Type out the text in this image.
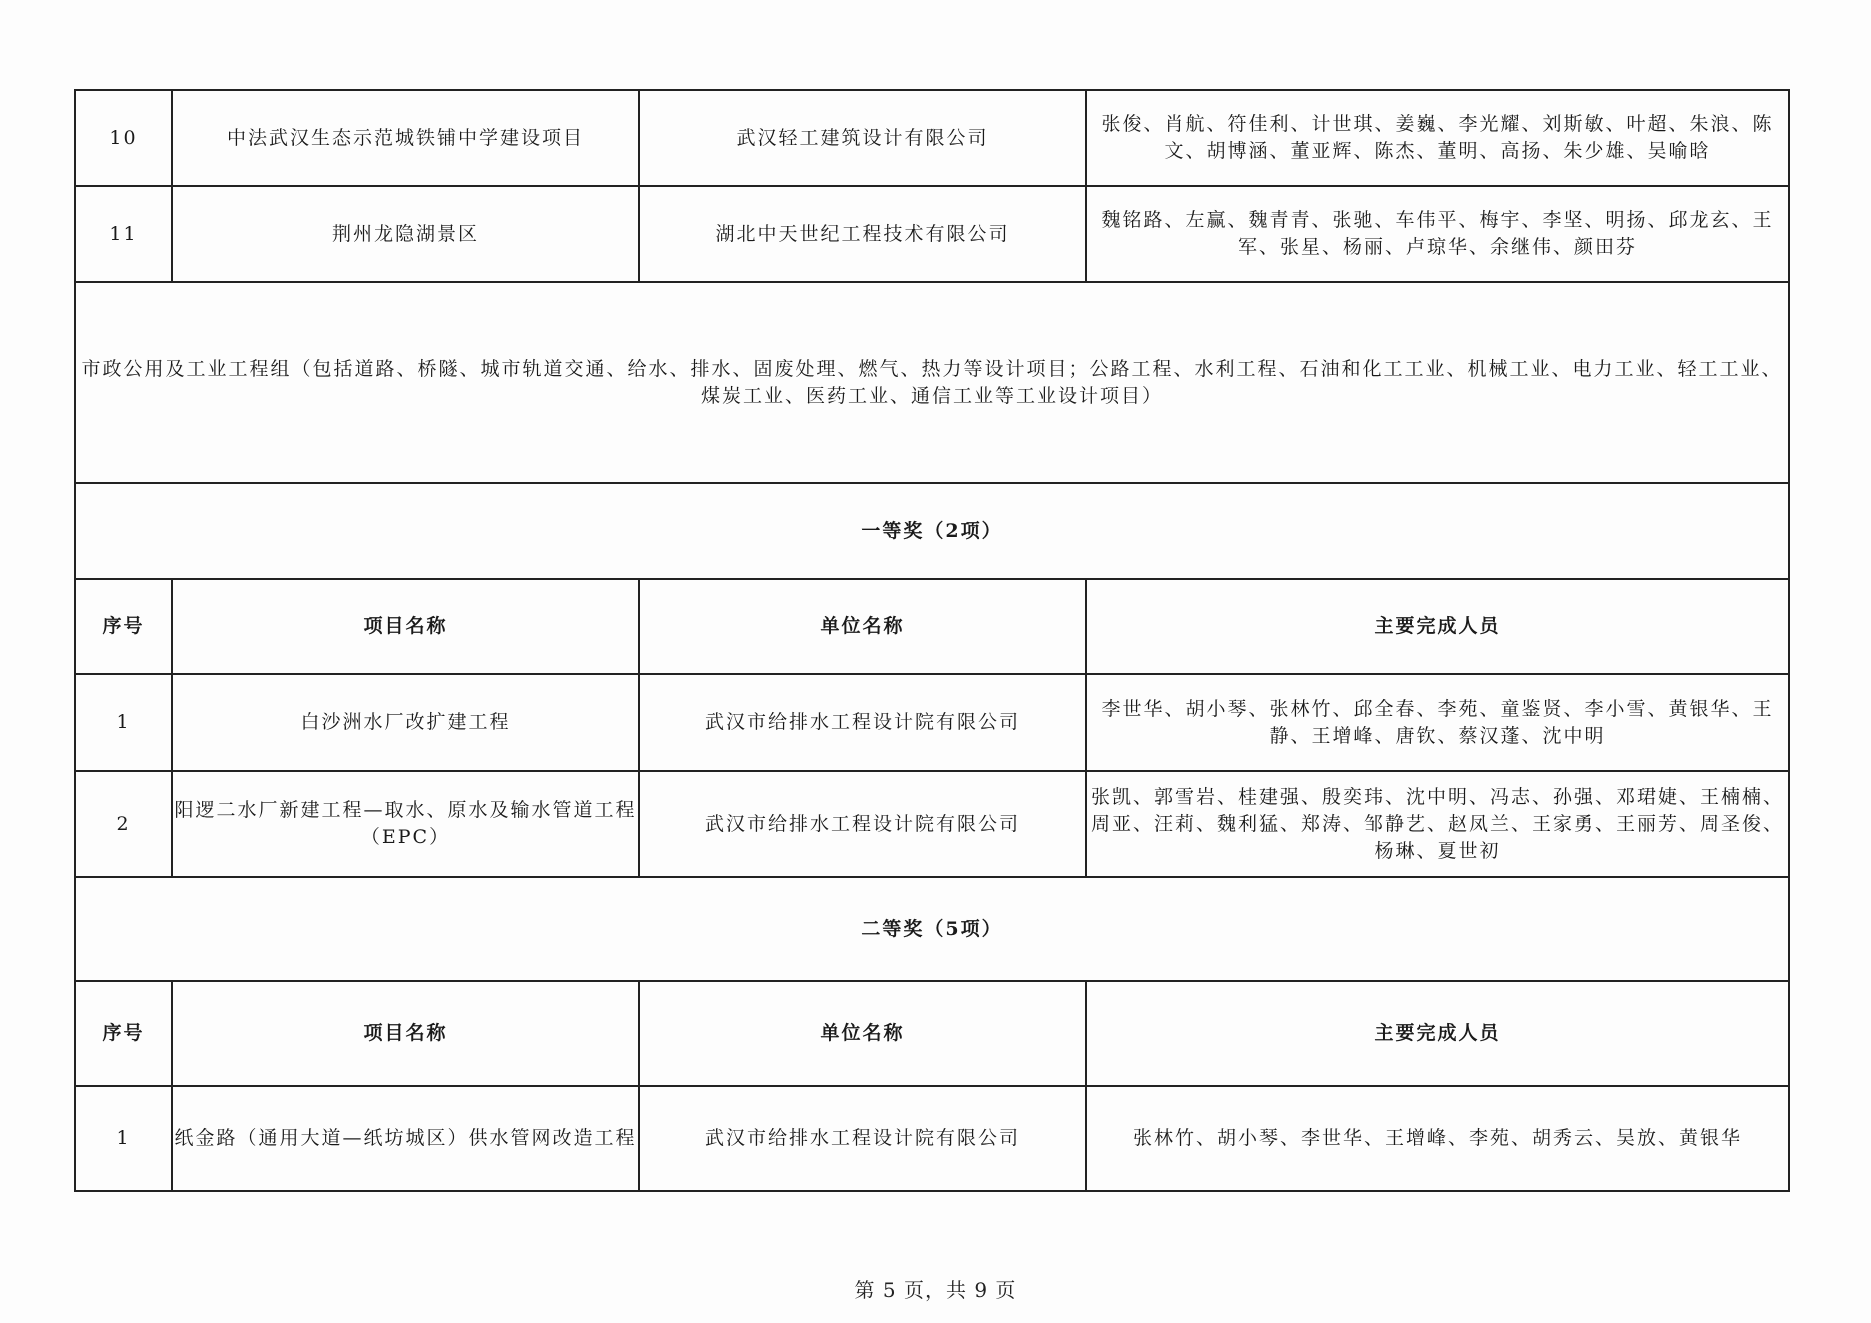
10	中法武汉生态示范城铁铺中学建设项目	武汉轻工建筑设计有限公司	张俊、肖航、符佳利、计世琪、姜巍、李光耀、刘斯敏、叶超、朱浪、陈文、胡博涵、董亚辉、陈杰、董明、高扬、朱少雄、吴喻晗
11	荆州龙隐湖景区	湖北中天世纪工程技术有限公司	魏铭路、左赢、魏青青、张驰、车伟平、梅宇、李坚、明扬、邱龙玄、王军、张星、杨丽、卢琼华、余继伟、颜田芬
市政公用及工业工程组（包括道路、桥隧、城市轨道交通、给水、排水、固废处理、燃气、热力等设计项目；公路工程、水利工程、石油和化工工业、机械工业、电力工业、轻工工业、煤炭工业、医药工业、通信工业等工业设计项目）			
一等奖（2项）			
序号	项目名称	单位名称	主要完成人员
1	白沙洲水厂改扩建工程	武汉市给排水工程设计院有限公司	李世华、胡小琴、张林竹、邱全春、李苑、童鉴贤、李小雪、黄银华、王静、王增峰、唐钦、蔡汉蓬、沈中明
2	阳逻二水厂新建工程—取水、原水及输水管道工程（EPC）	武汉市给排水工程设计院有限公司	张凯、郭雪岩、桂建强、殷奕玮、沈中明、冯志、孙强、邓珺婕、王楠楠、周亚、汪莉、魏利猛、郑涛、邹静艺、赵凤兰、王家勇、王丽芳、周圣俊、杨琳、夏世初
二等奖（5项）			
序号	项目名称	单位名称	主要完成人员
1	纸金路（通用大道—纸坊城区）供水管网改造工程	武汉市给排水工程设计院有限公司	张林竹、胡小琴、李世华、王增峰、李苑、胡秀云、吴放、黄银华
第 5 页，共 9 页
